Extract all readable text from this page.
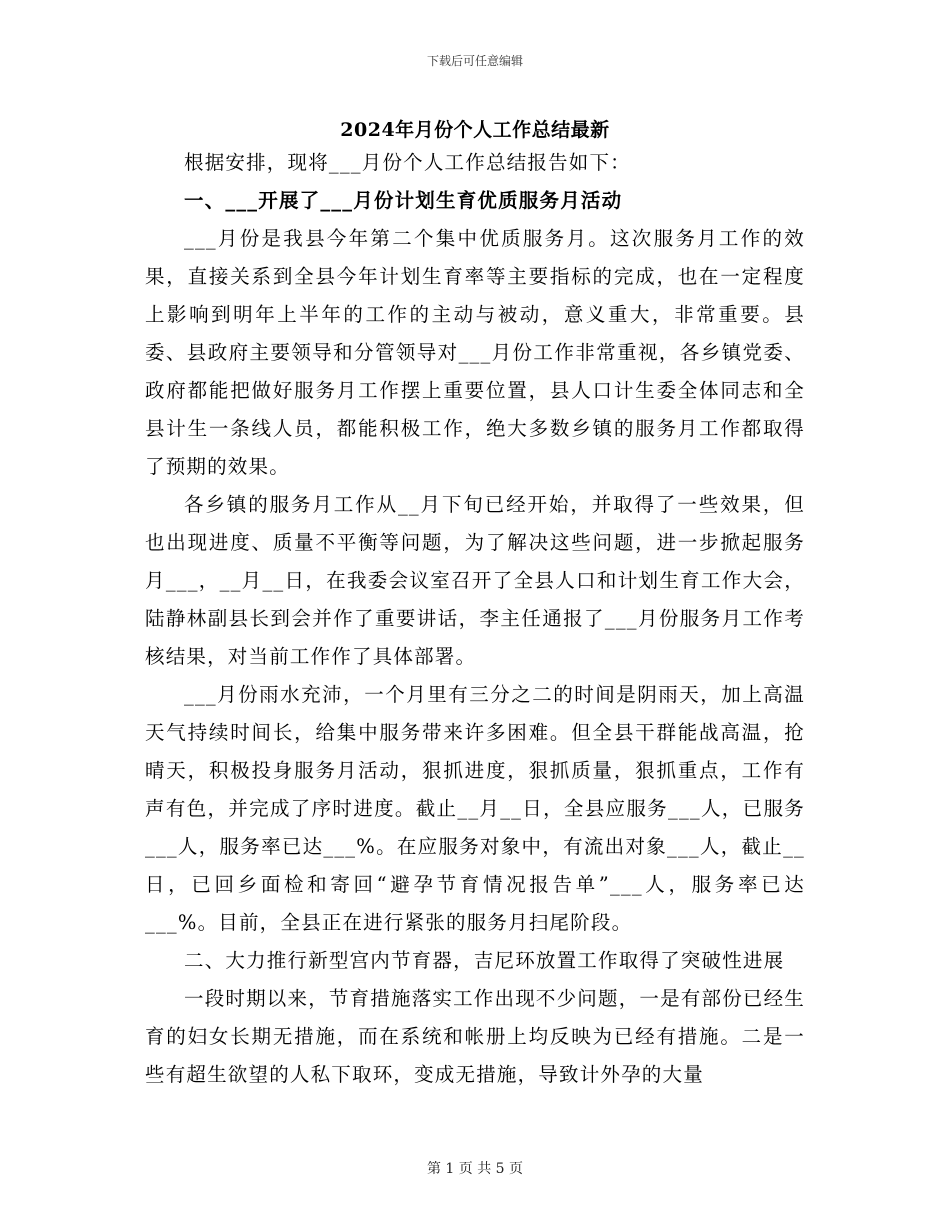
下载后可任意编辑
2024年月份个人工作总结最新

根据安排，现将___月份个人工作总结报告如下：

一、___开展了___月份计划生育优质服务月活动

___月份是我县今年第二个集中优质服务月。这次服务月工作的效果，直接关系到全县今年计划生育率等主要指标的完成，也在一定程度上影响到明年上半年的工作的主动与被动，意义重大，非常重要。县委、县政府主要领导和分管领导对___月份工作非常重视，各乡镇党委、政府都能把做好服务月工作摆上重要位置，县人口计生委全体同志和全县计生一条线人员，都能积极工作，绝大多数乡镇的服务月工作都取得了预期的效果。

各乡镇的服务月工作从__月下旬已经开始，并取得了一些效果，但也出现进度、质量不平衡等问题，为了解决这些问题，进一步掀起服务月___，__月__日，在我委会议室召开了全县人口和计划生育工作大会，陆静林副县长到会并作了重要讲话，李主任通报了___月份服务月工作考核结果，对当前工作作了具体部署。

___月份雨水充沛，一个月里有三分之二的时间是阴雨天，加上高温天气持续时间长，给集中服务带来许多困难。但全县干群能战高温，抢晴天，积极投身服务月活动，狠抓进度，狠抓质量，狠抓重点，工作有声有色，并完成了序时进度。截止__月__日，全县应服务___人，已服务___人，服务率已达___%。在应服务对象中，有流出对象___人，截止__日，已回乡面检和寄回“避孕节育情况报告单”___人，服务率已达___%。目前，全县正在进行紧张的服务月扫尾阶段。

二、大力推行新型宫内节育器，吉尼环放置工作取得了突破性进展

一段时期以来，节育措施落实工作出现不少问题，一是有部份已经生育的妇女长期无措施，而在系统和帐册上均反映为已经有措施。二是一些有超生欲望的人私下取环，变成无措施，导致计外孕的大量

第 1 页 共 5 页
